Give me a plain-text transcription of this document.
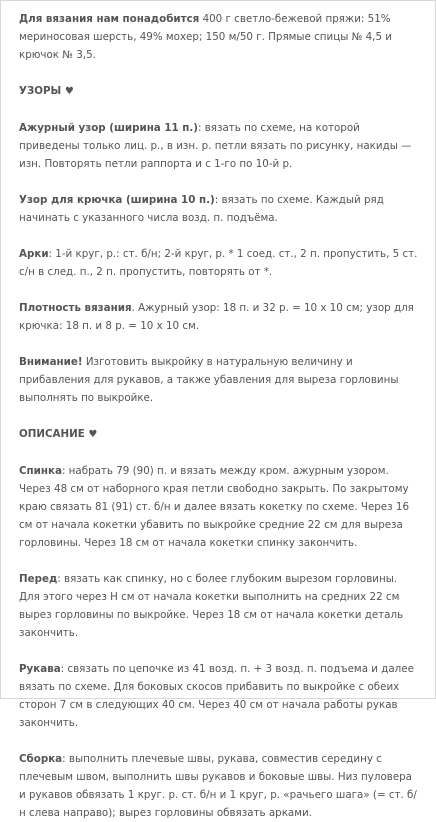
Для вязания нам понадобится 400 г светло-бежевой пряжи: 51% мериносовая шерсть, 49% мохер; 150 м/50 г. Прямые спицы № 4,5 и крючок № 3,5.

УЗОРЫ ♥

Ажурный узор (ширина 11 п.): вязать по схеме, на которой приведены только лиц. р., в изн. р. петли вязать по рисунку, накиды — изн. Повторять петли раппорта и с 1-го по 10-й р.

Узор для крючка (ширина 10 п.): вязать по схеме. Каждый ряд начинать с указанного числа возд. п. подъёма.

Арки: 1-й круг, р.: ст. б/н; 2-й круг, р. * 1 соед. ст., 2 п. пропустить, 5 ст. с/н в след. п., 2 п. пропустить, повторять от *.

Плотность вязания. Ажурный узор: 18 п. и 32 р. = 10 х 10 см; узор для крючка: 18 п. и 8 р. = 10 х 10 см.

Внимание! Изготовить выкройку в натуральную величину и прибавления для рукавов, а также убавления для выреза горловины выполнять по выкройке.

ОПИСАНИЕ ♥

Спинка: набрать 79 (90) п. и вязать между кром. ажурным узором. Через 48 см от наборного края петли свободно закрыть. По закрытому краю связать 81 (91) ст. б/н и далее вязать кокетку по схеме. Через 16 см от начала кокетки убавить по выкройке средние 22 см для выреза горловины. Через 18 см от начала кокетки спинку закончить.

Перед: вязать как спинку, но с более глубоким вырезом горловины. Для этого через Н см от начала кокетки выполнить на средних 22 см вырез горловины по выкройке. Через 18 см от начала кокетки деталь закончить.

Рукава: связать по цепочке из 41 возд. п. + 3 возд. п. подъема и далее вязать по схеме. Для боковых скосов прибавить по выкройке с обеих сторон 7 см в следующих 40 см. Через 40 см от начала работы рукав закончить.

Сборка: выполнить плечевые швы, рукава, совместив середину с плечевым швом, выполнить швы рукавов и боковые швы. Низ пуловера и рукавов обвязать 1 круг. р. ст. б/н и 1 круг, р. «рачьего шага» (= ст. б/н слева направо); вырез горловины обвязать арками.
